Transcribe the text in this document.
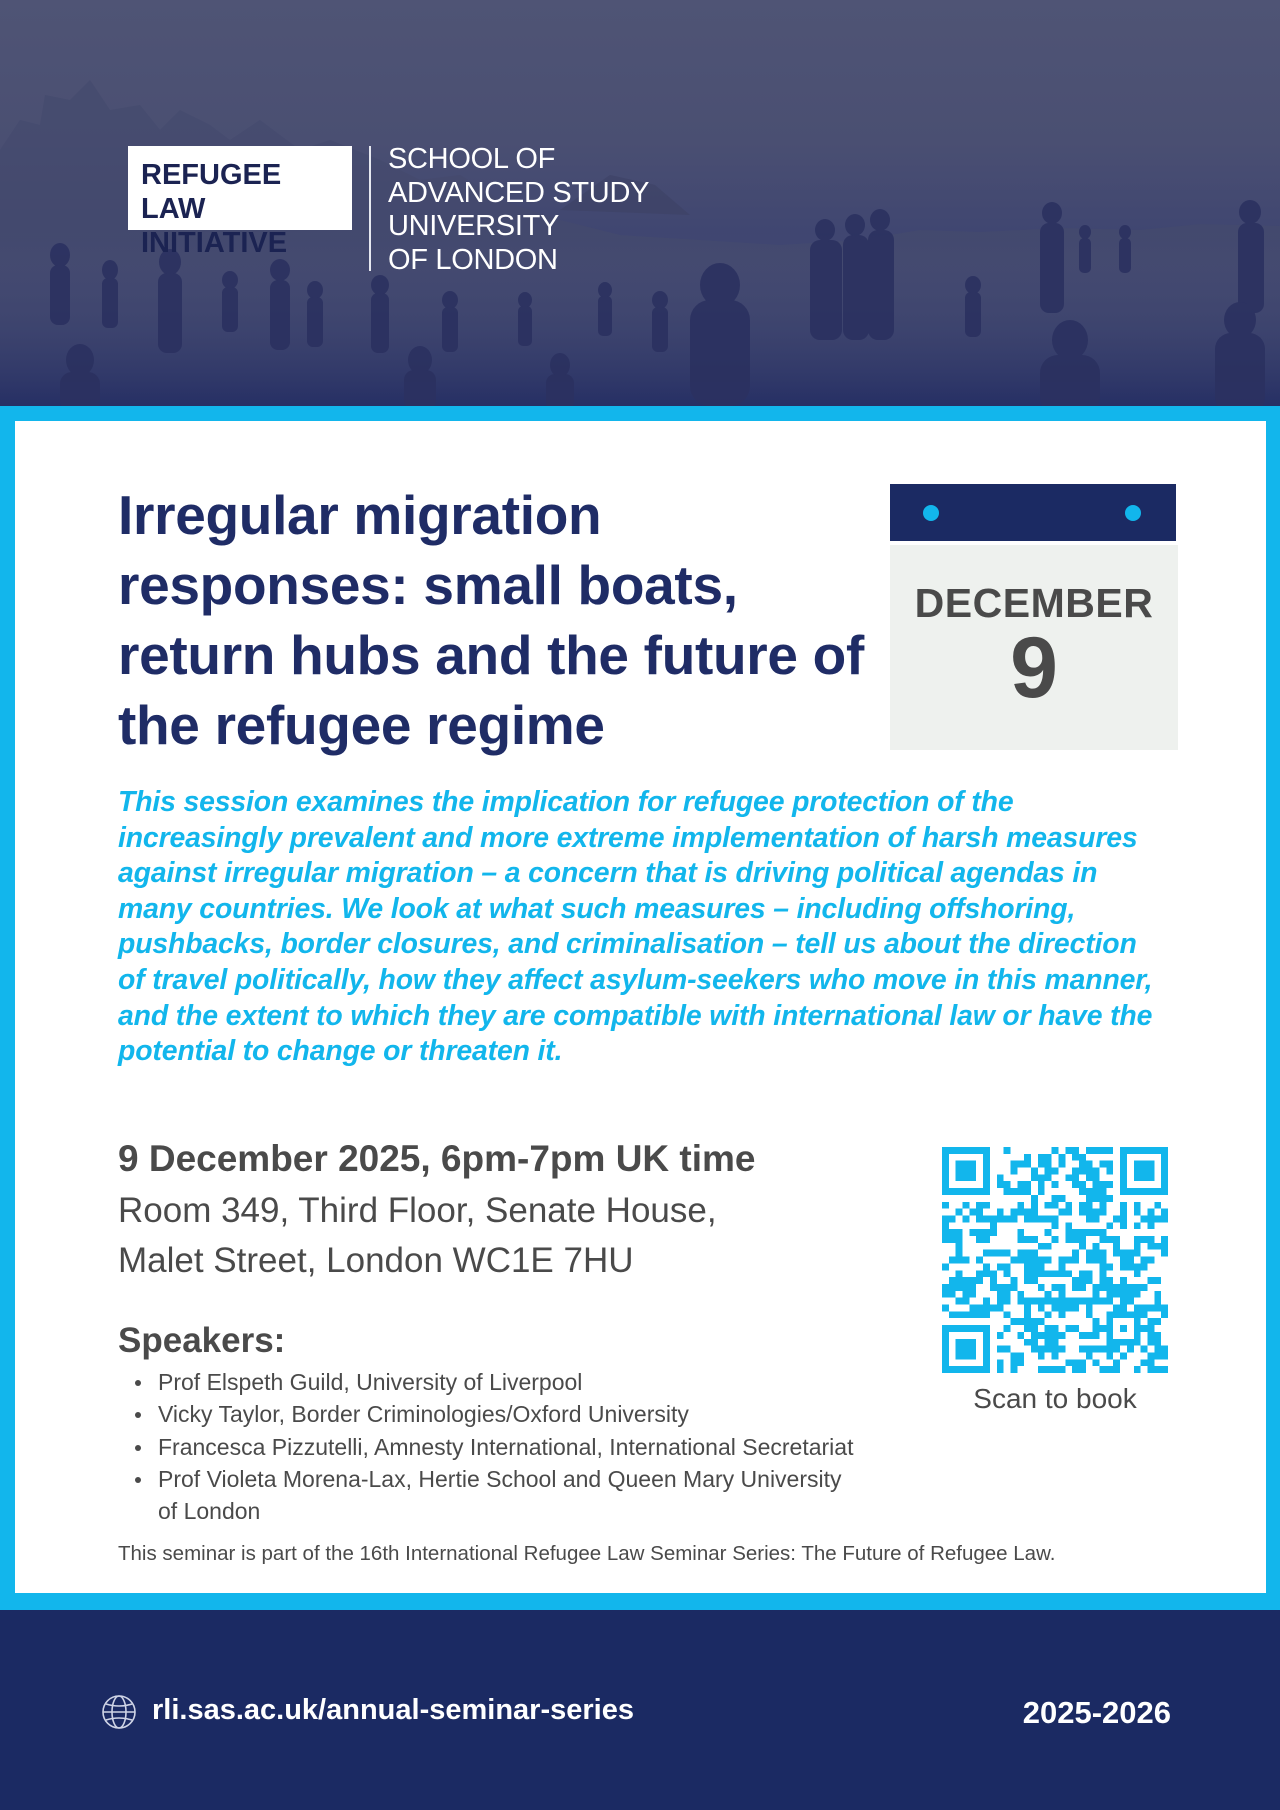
REFUGEE LAW
INITIATIVE
SCHOOL OF
ADVANCED STUDY
UNIVERSITY
OF LONDON
Irregular migration responses: small boats, return hubs and the future of the refugee regime
DECEMBER
9

This session examines the implication for refugee protection of the increasingly prevalent and more extreme implementation of harsh measures against irregular migration – a concern that is driving political agendas in many countries. We look at what such measures – including offshoring, pushbacks, border closures, and criminalisation – tell us about the direction of travel politically, how they affect asylum-seekers who move in this manner, and the extent to which they are compatible with international law or have the potential to change or threaten it.

9 December 2025, 6pm-7pm UK time
Room 349, Third Floor, Senate House,
Malet Street, London WC1E 7HU
Speakers:
Prof Elspeth Guild, University of Liverpool
Vicky Taylor, Border Criminologies/Oxford University
Francesca Pizzutelli, Amnesty International, International Secretariat
Prof Violeta Morena-Lax, Hertie School and Queen Mary University of London
This seminar is part of the 16th International Refugee Law Seminar Series: The Future of Refugee Law.
Scan to book
rli.sas.ac.uk/annual-seminar-series	2025-2026
